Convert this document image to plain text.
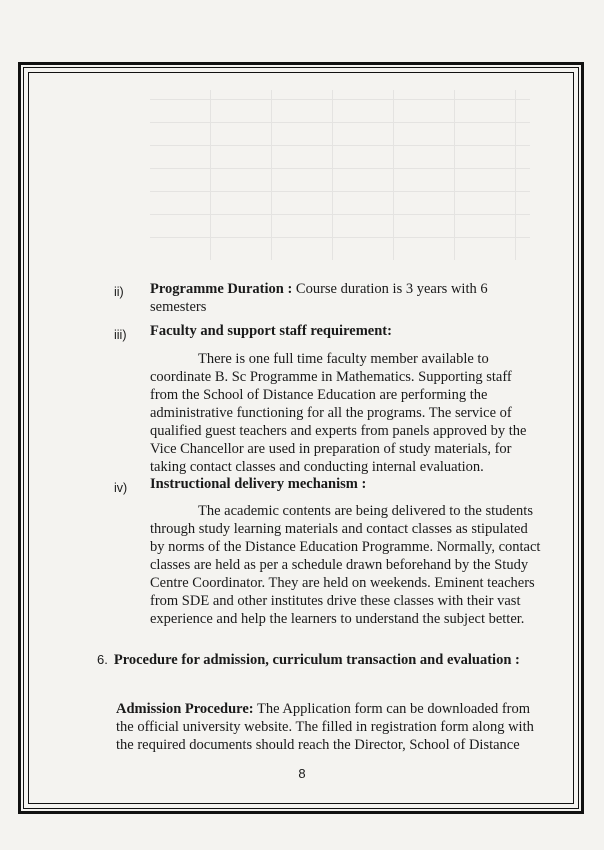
ii) Programme Duration : Course duration is 3 years with 6
semesters
iii) Faculty and support staff requirement:
There is one full time faculty member available to
coordinate B. Sc Programme in Mathematics. Supporting staff
from the School of Distance Education are performing the
administrative functioning for all the programs. The service of
qualified guest teachers and experts from panels approved by the
Vice Chancellor are used in preparation of study materials, for
taking contact classes and conducting internal evaluation.
iv) Instructional delivery mechanism :
The academic contents are being delivered to the students
through study learning materials and contact classes as stipulated
by norms of the Distance Education Programme. Normally, contact
classes are held as per a schedule drawn beforehand by the Study
Centre Coordinator. They are held on weekends. Eminent teachers
from SDE and other institutes drive these classes with their vast
experience and help the learners to understand the subject better.
6. Procedure for admission, curriculum transaction and evaluation :
Admission Procedure: The Application form can be downloaded from
the official university website. The filled in registration form along with
the required documents should reach the Director, School of Distance
8
